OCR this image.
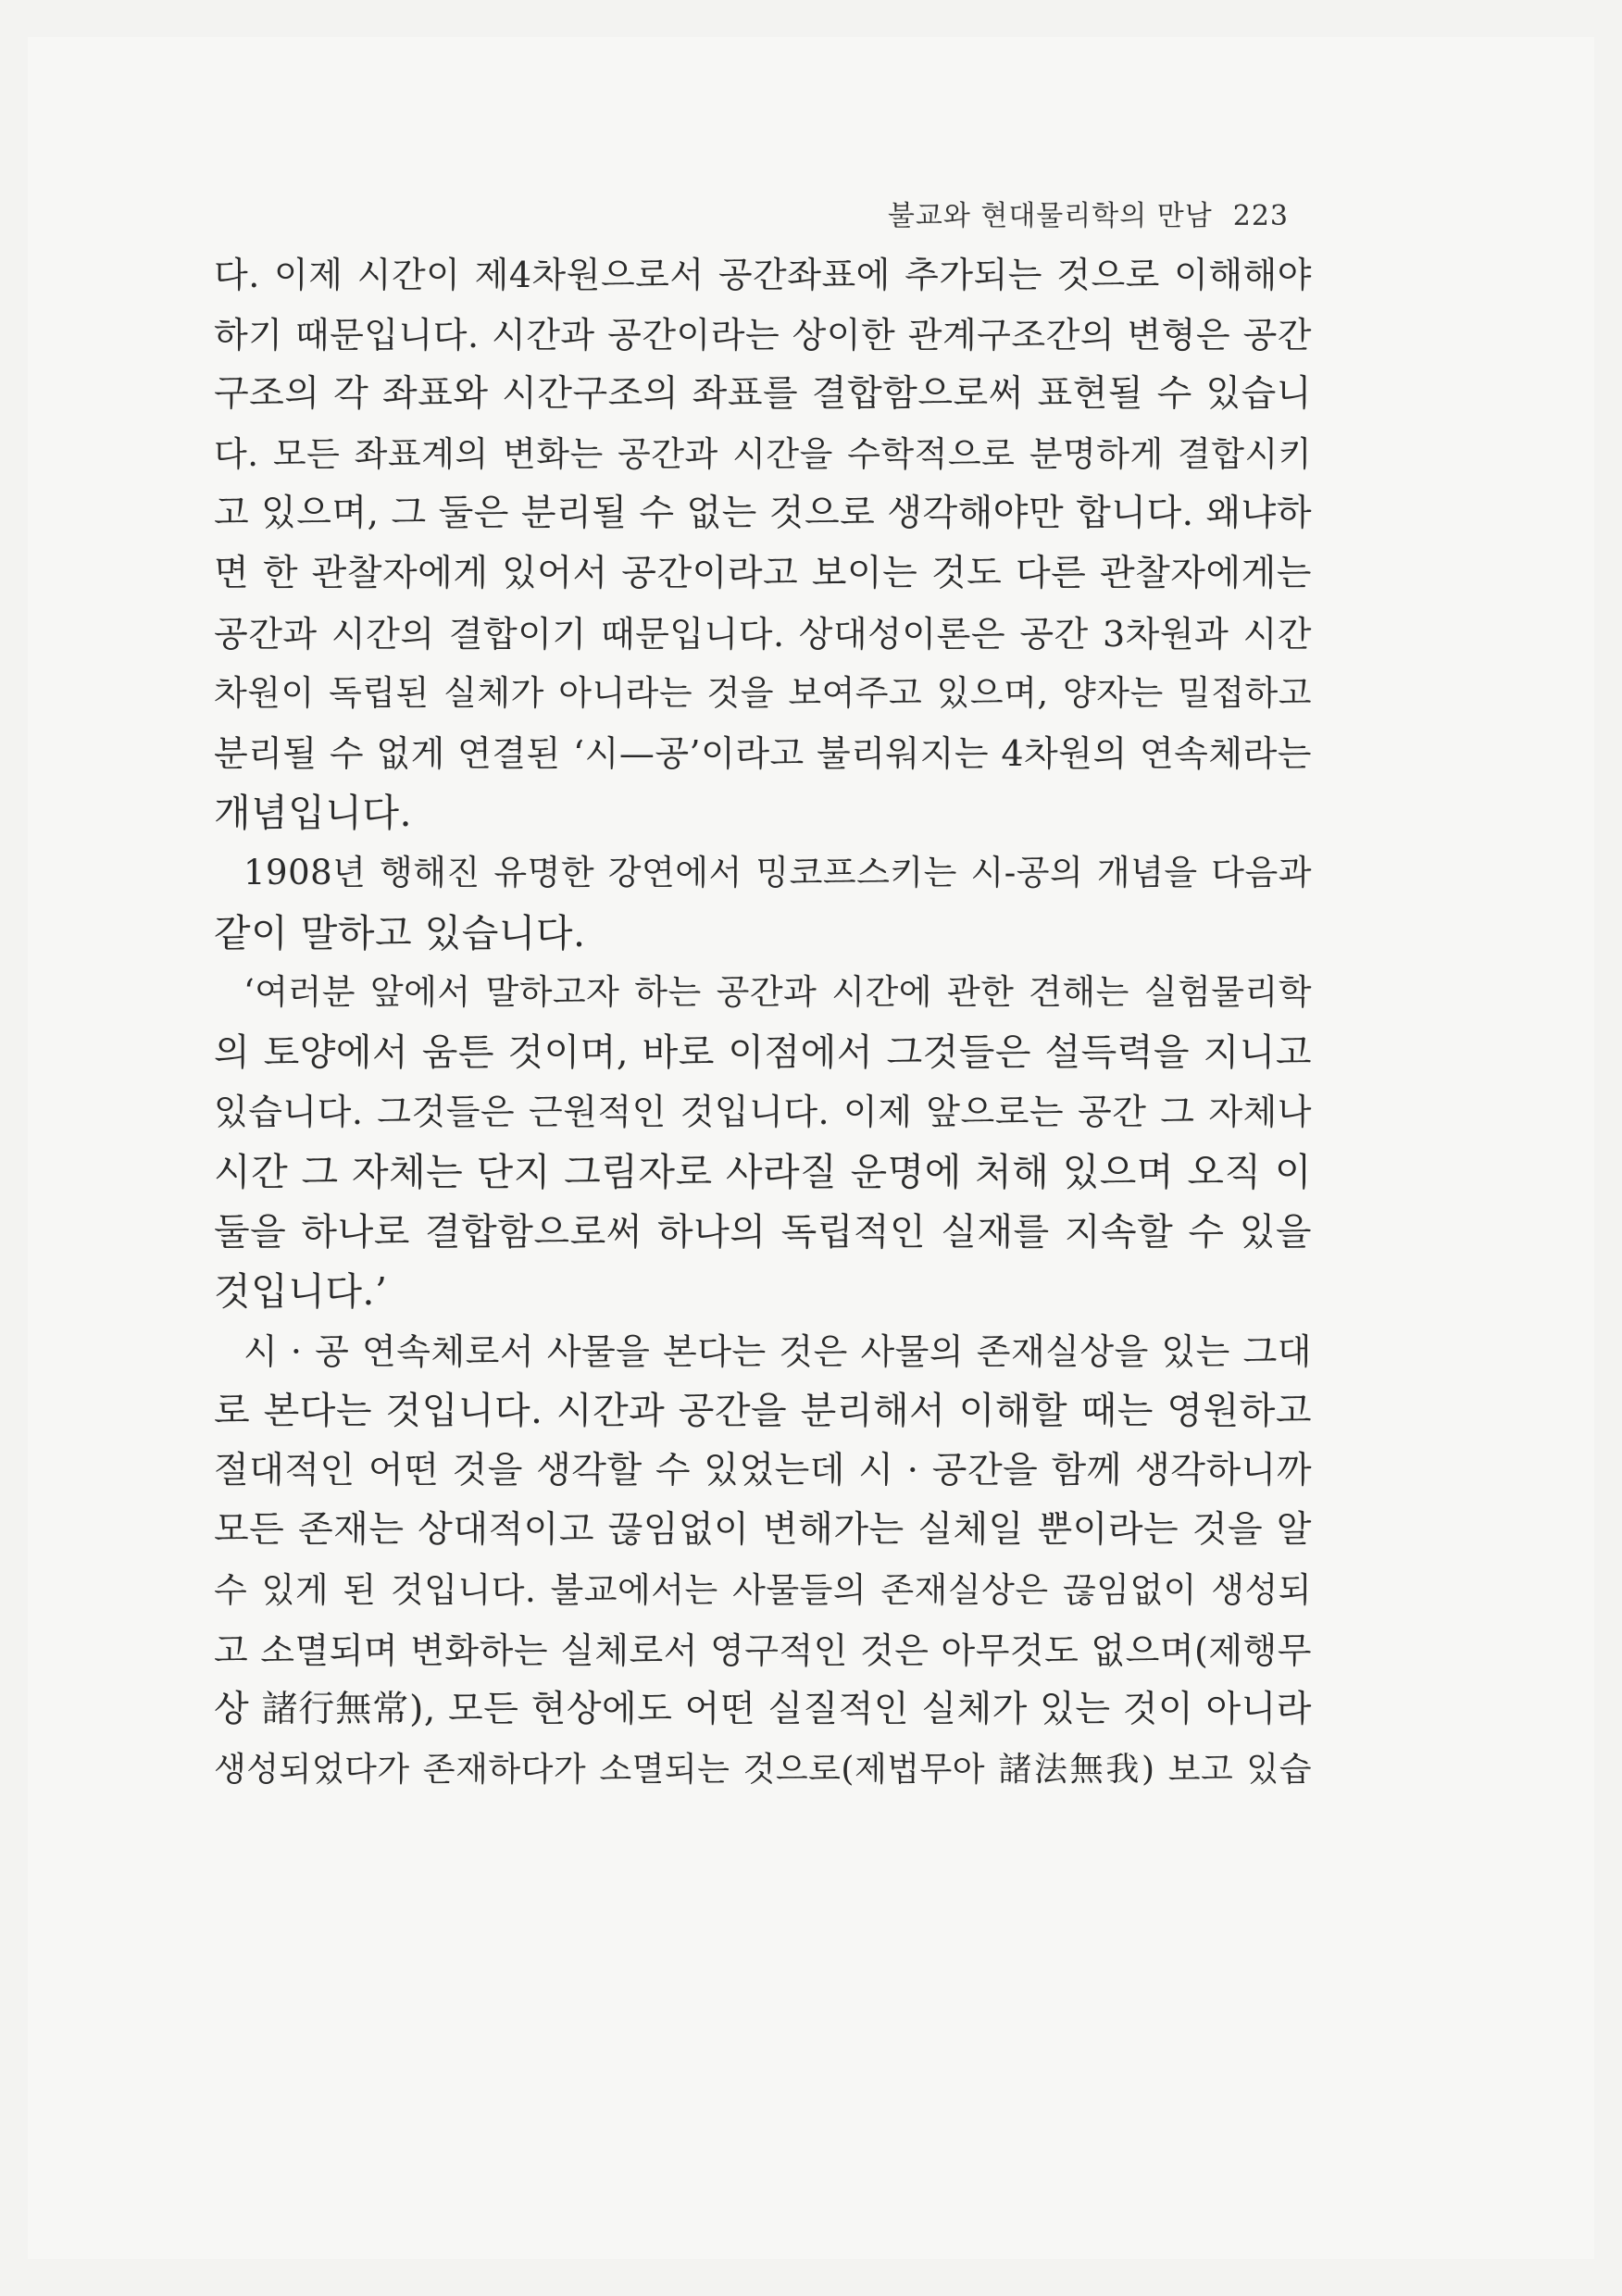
불교와 현대물리학의 만남 223
다. 이제 시간이 제4차원으로서 공간좌표에 추가되는 것으로 이해해야
하기 때문입니다. 시간과 공간이라는 상이한 관계구조간의 변형은 공간
구조의 각 좌표와 시간구조의 좌표를 결합함으로써 표현될 수 있습니
다. 모든 좌표계의 변화는 공간과 시간을 수학적으로 분명하게 결합시키
고 있으며, 그 둘은 분리될 수 없는 것으로 생각해야만 합니다. 왜냐하
면 한 관찰자에게 있어서 공간이라고 보이는 것도 다른 관찰자에게는
공간과 시간의 결합이기 때문입니다. 상대성이론은 공간 3차원과 시간
차원이 독립된 실체가 아니라는 것을 보여주고 있으며, 양자는 밀접하고
분리될 수 없게 연결된 ‘시—공’이라고 불리워지는 4차원의 연속체라는
개념입니다.
1908년 행해진 유명한 강연에서 밍코프스키는 시-공의 개념을 다음과
같이 말하고 있습니다.
‘여러분 앞에서 말하고자 하는 공간과 시간에 관한 견해는 실험물리학
의 토양에서 움튼 것이며, 바로 이점에서 그것들은 설득력을 지니고
있습니다. 그것들은 근원적인 것입니다. 이제 앞으로는 공간 그 자체나
시간 그 자체는 단지 그림자로 사라질 운명에 처해 있으며 오직 이
둘을 하나로 결합함으로써 하나의 독립적인 실재를 지속할 수 있을
것입니다.’
시 · 공 연속체로서 사물을 본다는 것은 사물의 존재실상을 있는 그대
로 본다는 것입니다. 시간과 공간을 분리해서 이해할 때는 영원하고
절대적인 어떤 것을 생각할 수 있었는데 시 · 공간을 함께 생각하니까
모든 존재는 상대적이고 끊임없이 변해가는 실체일 뿐이라는 것을 알
수 있게 된 것입니다. 불교에서는 사물들의 존재실상은 끊임없이 생성되
고 소멸되며 변화하는 실체로서 영구적인 것은 아무것도 없으며(제행무
상 諸行無常), 모든 현상에도 어떤 실질적인 실체가 있는 것이 아니라
생성되었다가 존재하다가 소멸되는 것으로(제법무아 諸法無我) 보고 있습
